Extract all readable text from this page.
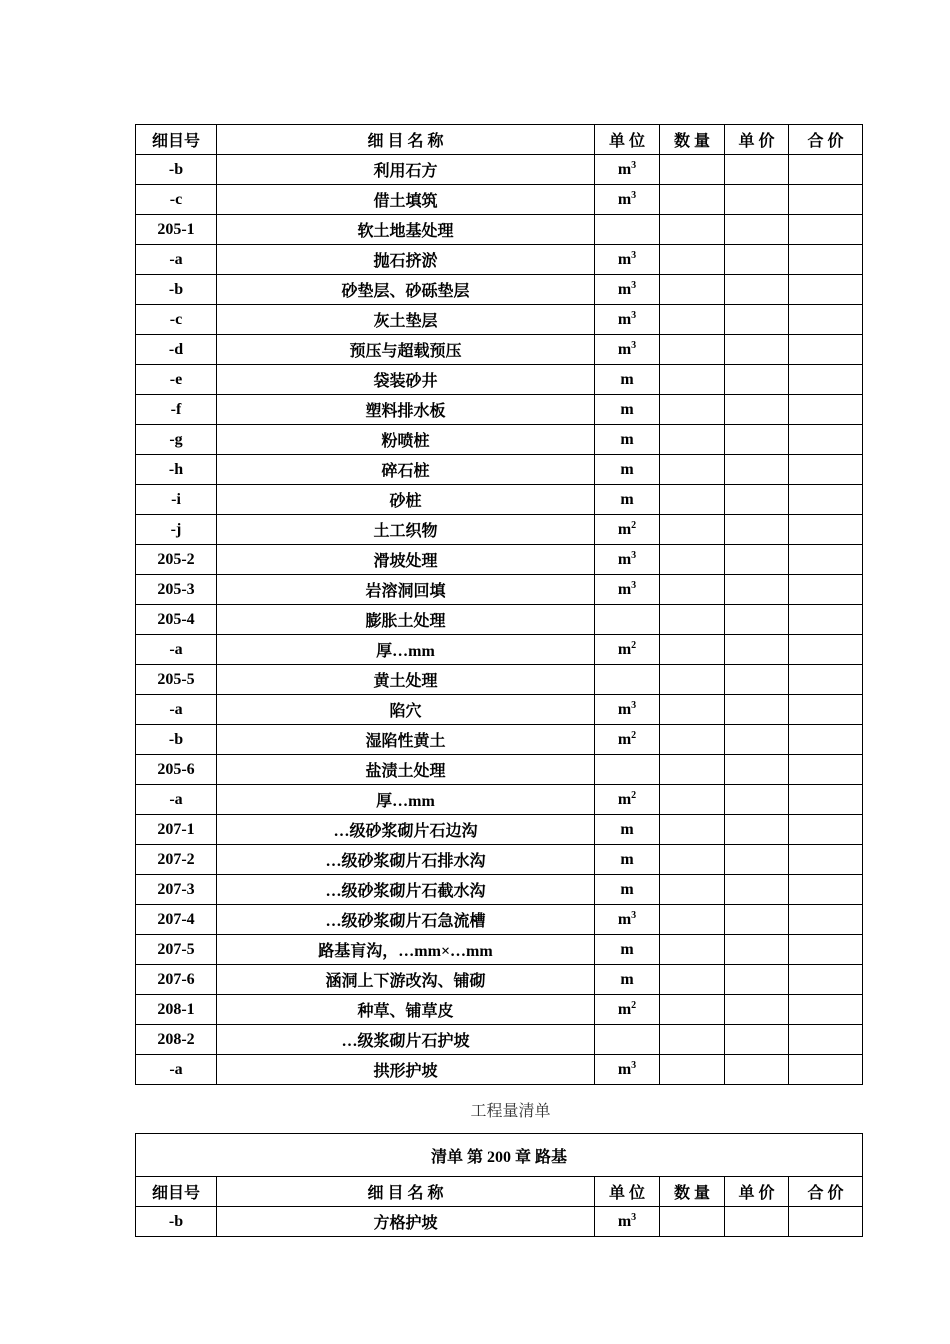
细目号	细 目 名 称	单 位	数 量	单 价	合 价
-b	利用石方	$m^3$			
-c	借土填筑	$m^3$			
205-1	软土地基处理				
-a	抛石挤淤	$m^3$			
-b	砂垫层、砂砾垫层	$m^3$			
-c	灰土垫层	$m^3$			
-d	预压与超载预压	$m^3$			
-e	袋装砂井	m			
-f	塑料排水板	m			
-g	粉喷桩	m			
-h	碎石桩	m			
-i	砂桩	m			
-j	土工织物	$m^2$			
205-2	滑坡处理	$m^3$			
205-3	岩溶洞回填	$m^3$			
205-4	膨胀土处理				
-a	厚…mm	$m^2$			
205-5	黄土处理				
-a	陷穴	$m^3$			
-b	湿陷性黄土	$m^2$			
205-6	盐渍土处理				
-a	厚…mm	$m^2$			
207-1	…级砂浆砌片石边沟	m			
207-2	…级砂浆砌片石排水沟	m			
207-3	…级砂浆砌片石截水沟	m			
207-4	…级砂浆砌片石急流槽	$m^3$			
207-5	路基肓沟，…mm×…mm	m			
207-6	涵洞上下游改沟、铺砌	m			
208-1	种草、铺草皮	$m^2$			
208-2	…级浆砌片石护坡				
-a	拱形护坡	$m^3$			
工程量清单
清单 第 200 章 路基					
细目号	细 目 名 称	单 位	数 量	单 价	合 价
-b	方格护坡	$m^3$			
